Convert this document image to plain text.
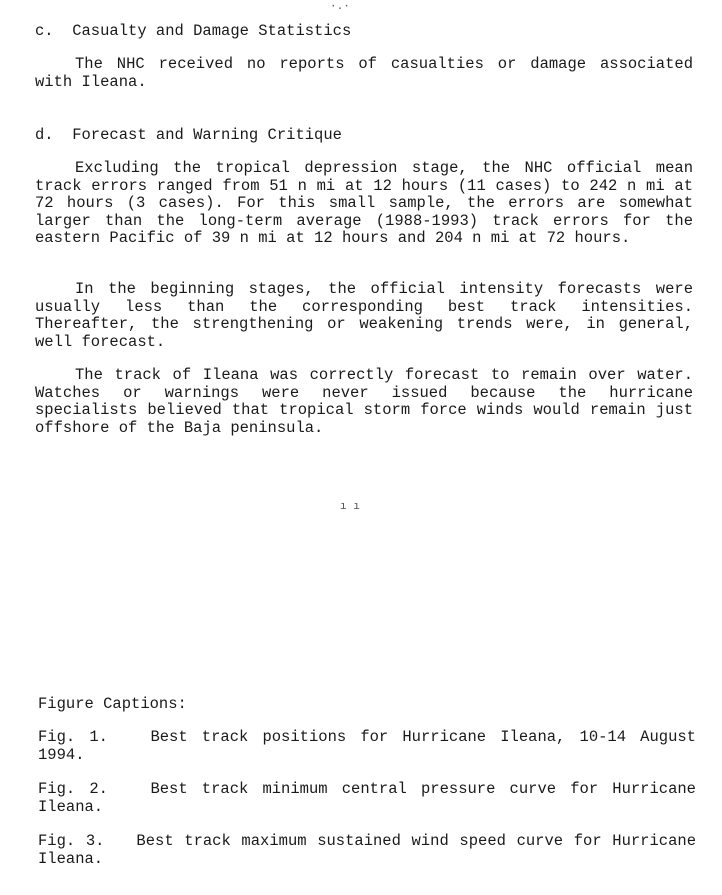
·.·

c.  Casualty and Damage Statistics

The NHC received no reports of casualties or damage associated with Ileana.

d.  Forecast and Warning Critique

Excluding the tropical depression stage, the NHC official mean track errors ranged from 51 n mi at 12 hours (11 cases) to 242 n mi at 72 hours (3 cases). For this small sample, the errors are somewhat larger than the long-term average (1988-1993) track errors for the eastern Pacific of 39 n mi at 12 hours and 204 n mi at 72 hours.

In the beginning stages, the official intensity forecasts were usually less than the corresponding best track intensities. Thereafter, the strengthening or weakening trends were, in general, well forecast.

The track of Ileana was correctly forecast to remain over water. Watches or warnings were never issued because the hurricane specialists believed that tropical storm force winds would remain just offshore of the Baja peninsula.

ı ı

Figure Captions:

Fig. 1.	Best track positions for Hurricane Ileana, 10-14 August 1994.

Fig. 2.	Best track minimum central pressure curve for Hurricane Ileana.

Fig. 3. Best track maximum sustained wind speed curve for Hurricane Ileana.
